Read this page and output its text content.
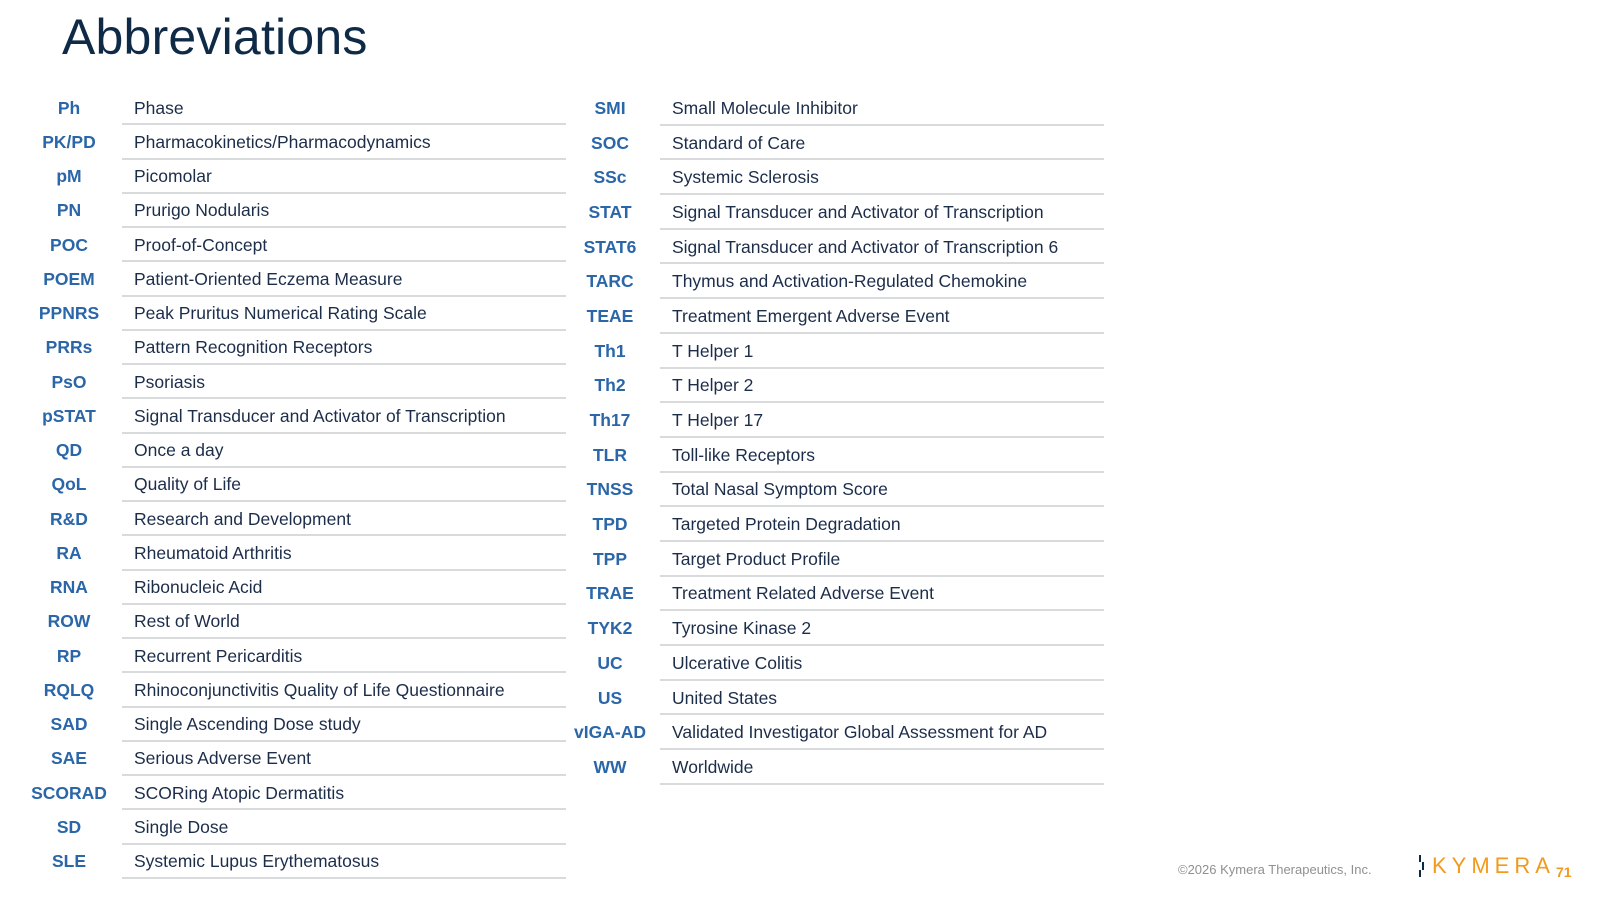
Abbreviations
Ph	Phase
PK/PD	Pharmacokinetics/Pharmacodynamics
pM	Picomolar
PN	Prurigo Nodularis
POC	Proof-of-Concept
POEM	Patient-Oriented Eczema Measure
PPNRS	Peak Pruritus Numerical Rating Scale
PRRs	Pattern Recognition Receptors
PsO	Psoriasis
pSTAT	Signal Transducer and Activator of Transcription
QD	Once a day
QoL	Quality of Life
R&D	Research and Development
RA	Rheumatoid Arthritis
RNA	Ribonucleic Acid
ROW	Rest of World
RP	Recurrent Pericarditis
RQLQ	Rhinoconjunctivitis Quality of Life Questionnaire
SAD	Single Ascending Dose study
SAE	Serious Adverse Event
SCORAD	SCORing Atopic Dermatitis
SD	Single Dose
SLE	Systemic Lupus Erythematosus
SMI	Small Molecule Inhibitor
SOC	Standard of Care
SSc	Systemic Sclerosis
STAT	Signal Transducer and Activator of Transcription
STAT6	Signal Transducer and Activator of Transcription 6
TARC	Thymus and Activation-Regulated Chemokine
TEAE	Treatment Emergent Adverse Event
Th1	T Helper 1
Th2	T Helper 2
Th17	T Helper 17
TLR	Toll-like Receptors
TNSS	Total Nasal Symptom Score
TPD	Targeted Protein Degradation
TPP	Target Product Profile
TRAE	Treatment Related Adverse Event
TYK2	Tyrosine Kinase 2
UC	Ulcerative Colitis
US	United States
vIGA-AD	Validated Investigator Global Assessment for AD
WW	Worldwide
©2026 Kymera Therapeutics, Inc.	KYMERA 71
